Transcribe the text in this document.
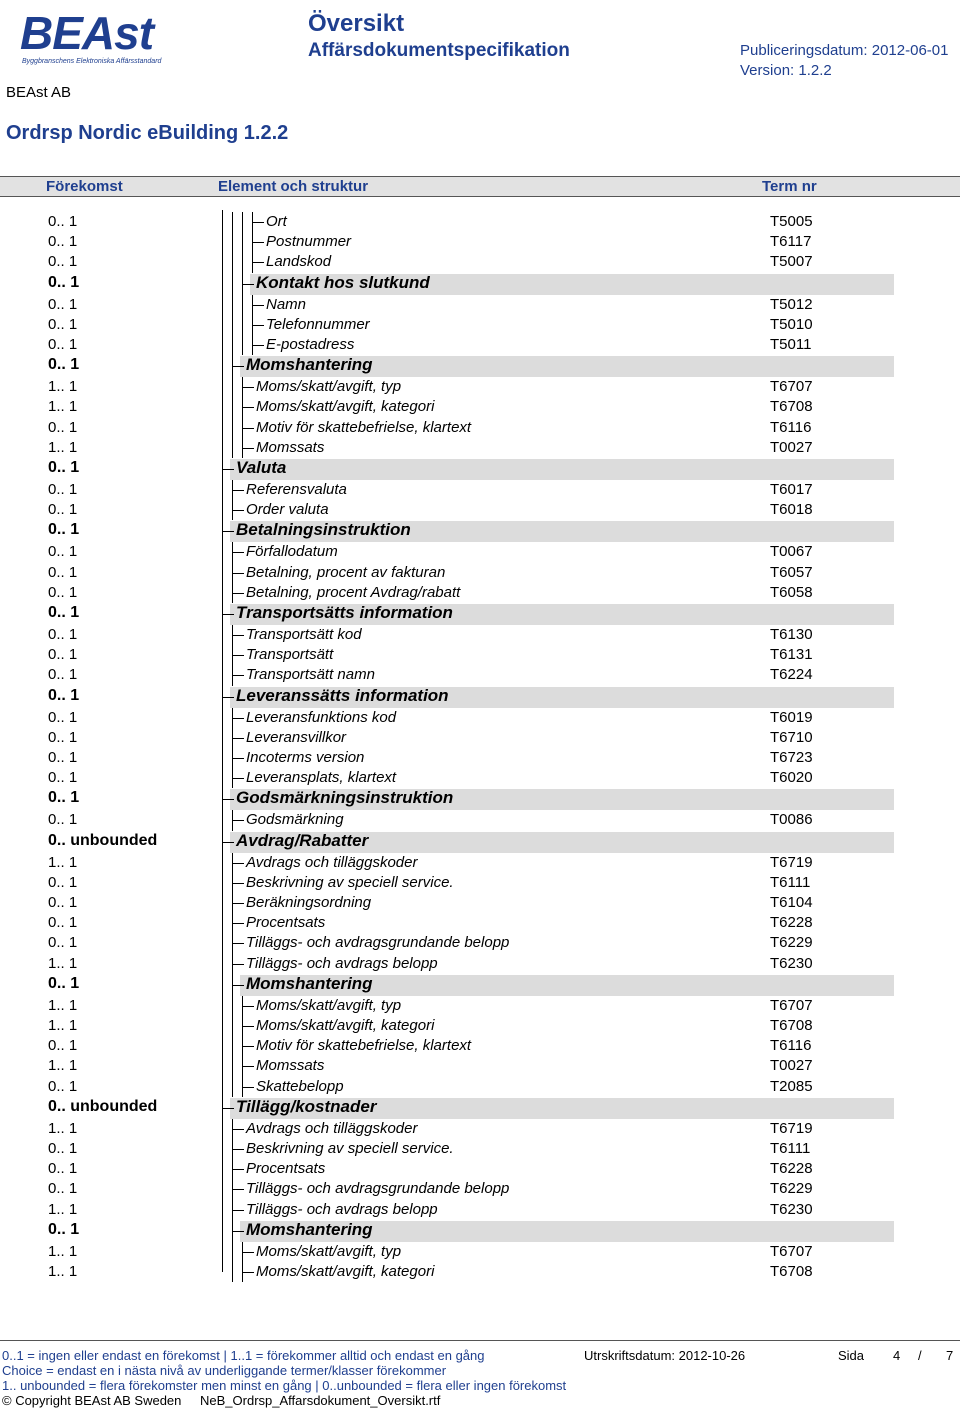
BEAst
Byggbranschens Elektroniska Affärsstandard
BEAst AB
Översikt
Affärsdokumentspecifikation	Publiceringsdatum: 2012-06-01
Version: 1.2.2
Ordrsp Nordic eBuilding 1.2.2
Förekomst	Element och struktur	Term nr
0.. 1	Ort	T5005
0.. 1	Postnummer	T6117
0.. 1	Landskod	T5007
0.. 1	Kontakt hos slutkund
0.. 1	Namn	T5012
0.. 1	Telefonnummer	T5010
0.. 1	E-postadress	T5011
0.. 1	Momshantering
1.. 1	Moms/skatt/avgift, typ	T6707
1.. 1	Moms/skatt/avgift, kategori	T6708
0.. 1	Motiv för skattebefrielse, klartext	T6116
1.. 1	Momssats	T0027
0.. 1	Valuta
0.. 1	Referensvaluta	T6017
0.. 1	Order valuta	T6018
0.. 1	Betalningsinstruktion
0.. 1	Förfallodatum	T0067
0.. 1	Betalning, procent av fakturan	T6057
0.. 1	Betalning, procent Avdrag/rabatt	T6058
0.. 1	Transportsätts information
0.. 1	Transportsätt kod	T6130
0.. 1	Transportsätt	T6131
0.. 1	Transportsätt namn	T6224
0.. 1	Leveranssätts information
0.. 1	Leveransfunktions kod	T6019
0.. 1	Leveransvillkor	T6710
0.. 1	Incoterms version	T6723
0.. 1	Leveransplats, klartext	T6020
0.. 1	Godsmärkningsinstruktion
0.. 1	Godsmärkning	T0086
0.. unbounded	Avdrag/Rabatter
1.. 1	Avdrags och tilläggskoder	T6719
0.. 1	Beskrivning av speciell service.	T6111
0.. 1	Beräkningsordning	T6104
0.. 1	Procentsats	T6228
0.. 1	Tilläggs- och avdragsgrundande belopp	T6229
1.. 1	Tilläggs- och avdrags belopp	T6230
0.. 1	Momshantering
1.. 1	Moms/skatt/avgift, typ	T6707
1.. 1	Moms/skatt/avgift, kategori	T6708
0.. 1	Motiv för skattebefrielse, klartext	T6116
1.. 1	Momssats	T0027
0.. 1	Skattebelopp	T2085
0.. unbounded	Tillägg/kostnader
1.. 1	Avdrags och tilläggskoder	T6719
0.. 1	Beskrivning av speciell service.	T6111
0.. 1	Procentsats	T6228
0.. 1	Tilläggs- och avdragsgrundande belopp	T6229
1.. 1	Tilläggs- och avdrags belopp	T6230
0.. 1	Momshantering
1.. 1	Moms/skatt/avgift, typ	T6707
1.. 1	Moms/skatt/avgift, kategori	T6708
0..1 = ingen eller endast en förekomst | 1..1 = förekommer alltid och endast en gång
Choice = endast en i nästa nivå av underliggande termer/klasser förekommer
1.. unbounded = flera förekomster men minst en gång | 0..unbounded = flera eller ingen förekomst
Utrskriftsdatum: 2012-10-26	Sida 4 / 7
© Copyright BEAst AB Sweden NeB_Ordrsp_Affarsdokument_Oversikt.rtf
